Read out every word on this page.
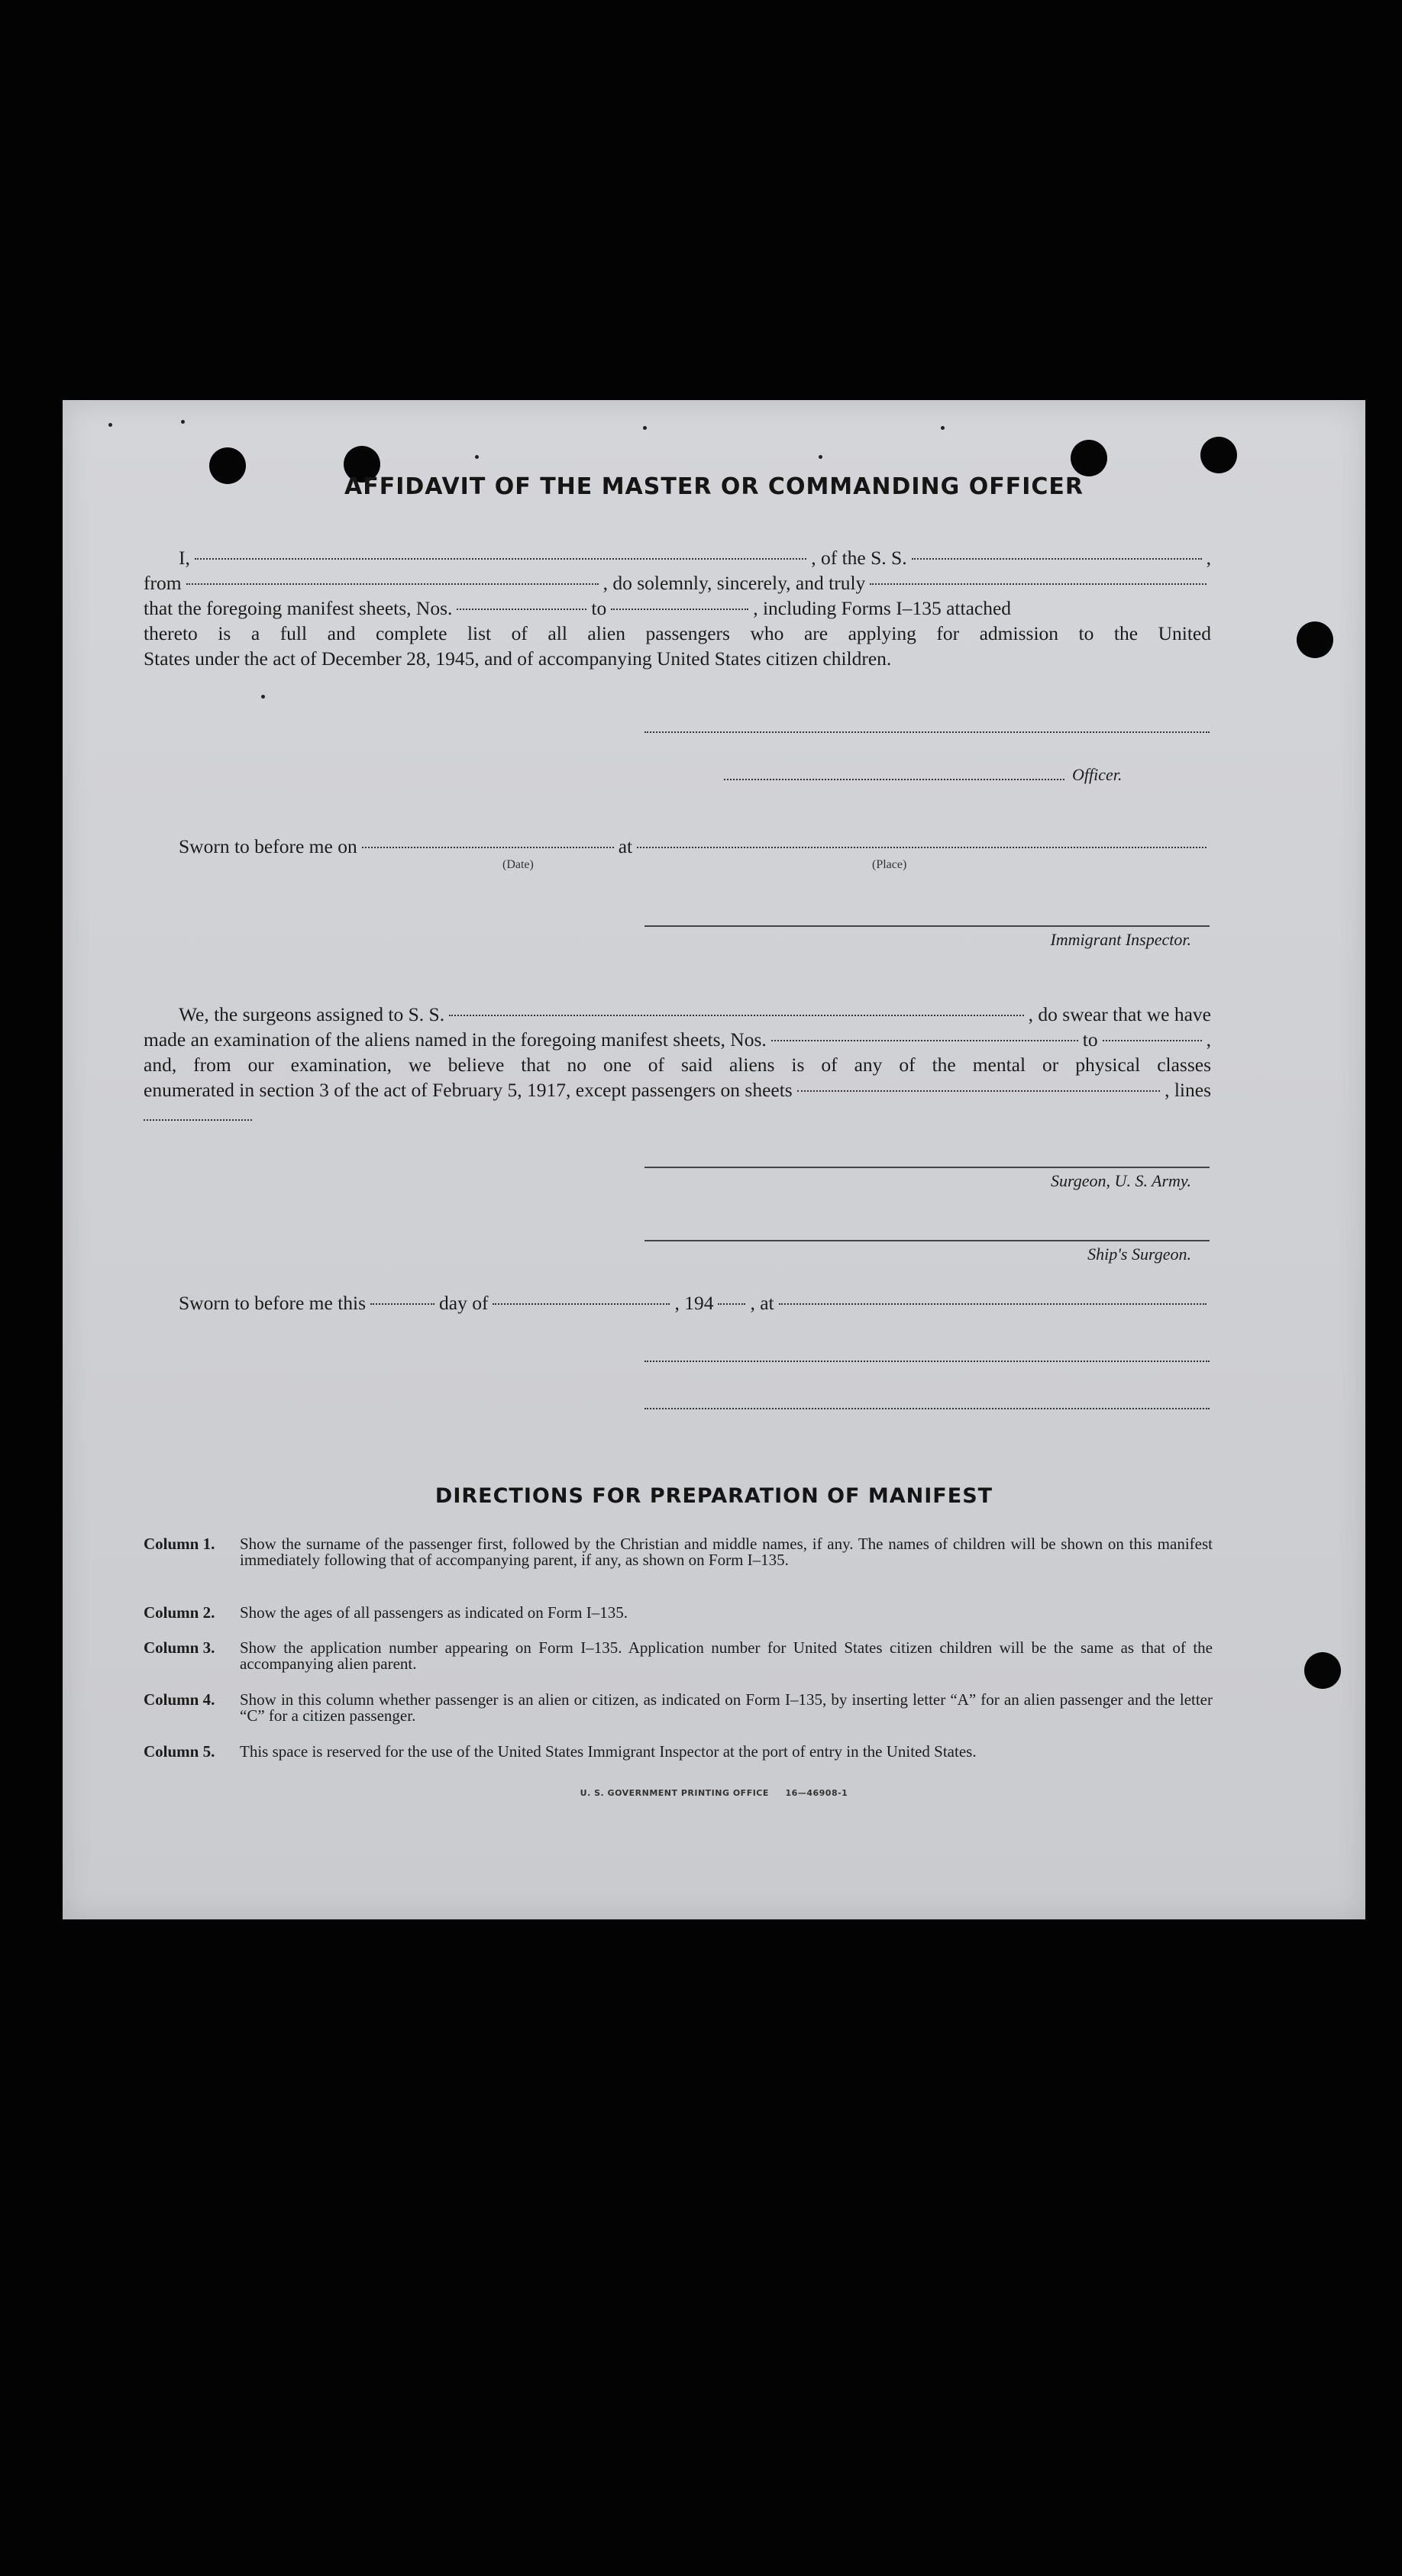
AFFIDAVIT OF THE MASTER OR COMMANDING OFFICER
I,	, of the S. S.	,
from	, do solemnly, sincerely, and truly
that the foregoing manifest sheets, Nos.	to	, including Forms I–135 attached
thereto is a full and complete list of all alien passengers who are applying for admission to the United
States under the act of December 28, 1945, and of accompanying United States citizen children.
Officer.
Sworn to before me on	at
(Date)	(Place)
Immigrant Inspector.
We, the surgeons assigned to S. S.	, do swear that we have
made an examination of the aliens named in the foregoing manifest sheets, Nos.	to	,
and, from our examination, we believe that no one of said aliens is of any of the mental or physical classes
enumerated in section 3 of the act of February 5, 1917, except passengers on sheets	, lines
Surgeon, U. S. Army.
Ship's Surgeon.
Sworn to before me this	day of	, 194 , at
DIRECTIONS FOR PREPARATION OF MANIFEST
Column 1.	Show the surname of the passenger first, followed by the Christian and middle names, if any. The names of children will be shown on this manifest immediately following that of accompanying parent, if any, as shown on Form I–135.
Column 2.	Show the ages of all passengers as indicated on Form I–135.
Column 3.	Show the application number appearing on Form I–135. Application number for United States citizen children will be the same as that of the accompanying alien parent.
Column 4.	Show in this column whether passenger is an alien or citizen, as indicated on Form I–135, by inserting letter “A” for an alien passenger and the letter “C” for a citizen passenger.
Column 5.	This space is reserved for the use of the United States Immigrant Inspector at the port of entry in the United States.
U. S. GOVERNMENT PRINTING OFFICE     16—46908-1
